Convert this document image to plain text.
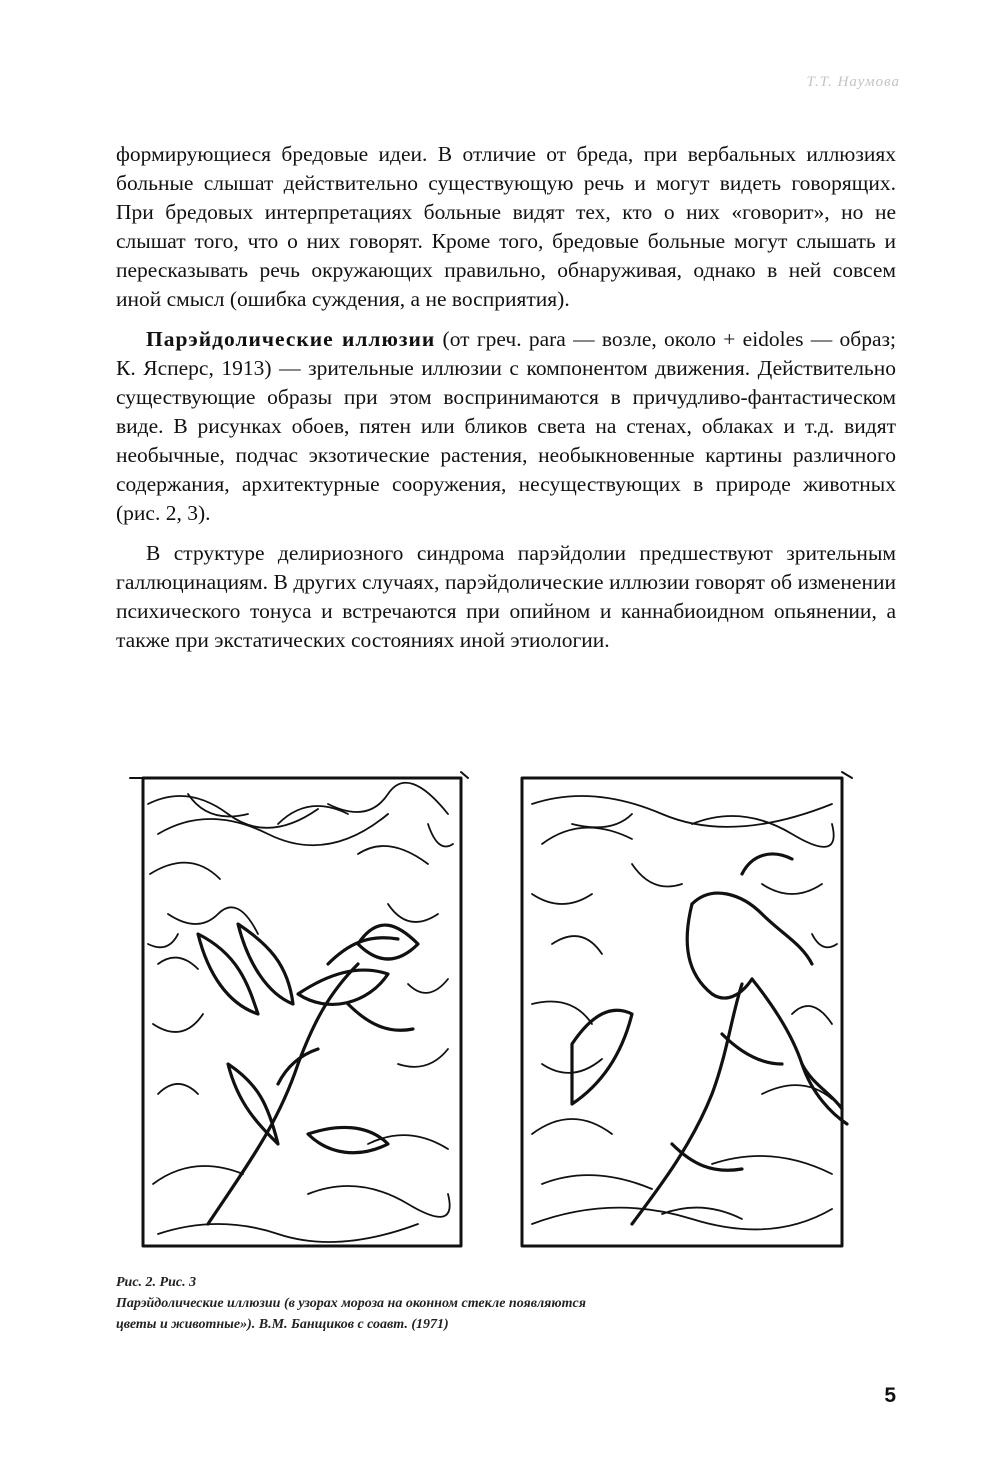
Т.Т. Наумова

формирующиеся бредовые идеи. В отличие от бреда, при вербальных иллюзиях больные слышат действительно существующую речь и могут видеть говорящих. При бредовых интерпретациях больные видят тех, кто о них «говорит», но не слышат того, что о них говорят. Кроме того, бредовые больные могут слышать и пересказывать речь окружающих правильно, обнаруживая, однако в ней совсем иной смысл (ошибка суждения, а не восприятия).

Парэйдолические иллюзии (от греч. para — возле, около + eidoles — образ; К. Ясперс, 1913) — зрительные иллюзии с компонентом движения. Действительно существующие образы при этом воспринимаются в причудливо-фантастическом виде. В рисунках обоев, пятен или бликов света на стенах, облаках и т.д. видят необычные, подчас экзотические растения, необыкновенные картины различного содержания, архитектурные сооружения, несуществующих в природе животных (рис. 2, 3).

В структуре делириозного синдрома парэйдолии предшествуют зрительным галлюцинациям. В других случаях, парэйдолические иллюзии говорят об изменении психического тонуса и встречаются при опийном и каннабиоидном опьянении, а также при экстатических состояниях иной этиологии.

Рис. 2. Рис. 3
Парэйдолические иллюзии (в узорах мороза на оконном стекле появляются
цветы и животные»). В.М. Банщиков с соавт. (1971)
5
